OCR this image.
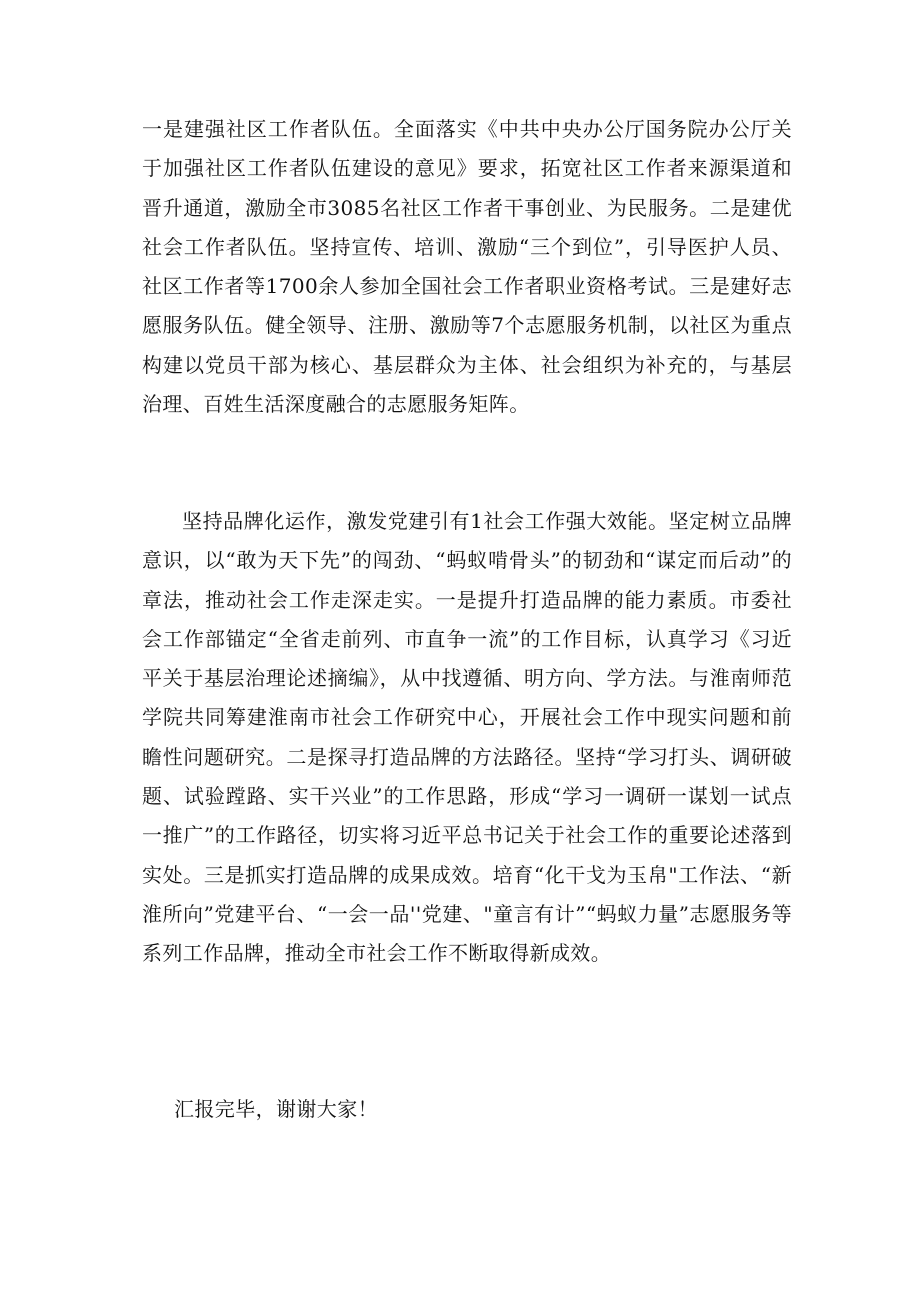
一是建强社区工作者队伍。全面落实《中共中央办公厅国务院办公厅关于加强社区工作者队伍建设的意见》要求，拓宽社区工作者来源渠道和晋升通道，激励全市3085名社区工作者干事创业、为民服务。二是建优社会工作者队伍。坚持宣传、培训、激励“三个到位”，引导医护人员、社区工作者等1700余人参加全国社会工作者职业资格考试。三是建好志愿服务队伍。健全领导、注册、激励等7个志愿服务机制，以社区为重点构建以党员干部为核心、基层群众为主体、社会组织为补充的，与基层治理、百姓生活深度融合的志愿服务矩阵。

坚持品牌化运作，激发党建引有1社会工作强大效能。坚定树立品牌意识，以“敢为天下先”的闯劲、“蚂蚁啃骨头”的韧劲和“谋定而后动”的章法，推动社会工作走深走实。一是提升打造品牌的能力素质。市委社会工作部锚定“全省走前列、市直争一流”的工作目标，认真学习《习近平关于基层治理论述摘编》，从中找遵循、明方向、学方法。与淮南师范学院共同筹建淮南市社会工作研究中心，开展社会工作中现实问题和前瞻性问题研究。二是探寻打造品牌的方法路径。坚持“学习打头、调研破题、试验蹚路、实干兴业”的工作思路，形成“学习一调研一谋划一试点一推广”的工作路径，切实将习近平总书记关于社会工作的重要论述落到实处。三是抓实打造品牌的成果成效。培育“化干戈为玉帛"工作法、“新淮所向”党建平台、“一会一品''党建、"童言有计”“蚂蚁力量”志愿服务等系列工作品牌，推动全市社会工作不断取得新成效。

汇报完毕，谢谢大家！
